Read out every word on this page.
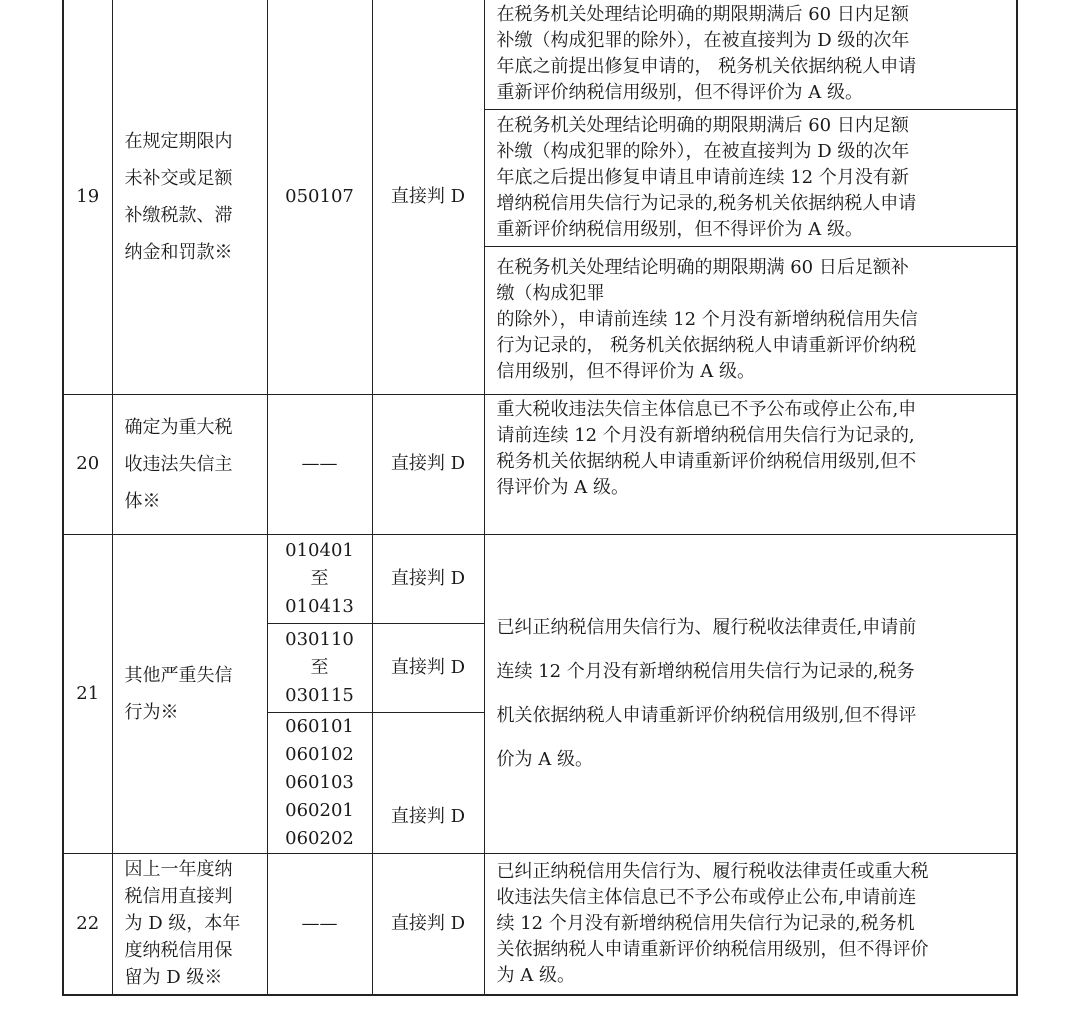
19	在规定期限内
未补交或足额
补缴税款、滞
纳金和罚款※	050107	直接判 D	在税务机关处理结论明确的期限期满后 60 日内足额
补缴（构成犯罪的除外），在被直接判为 D 级的次年
年底之前提出修复申请的， 税务机关依据纳税人申请
重新评价纳税信用级别，但不得评价为 A 级。

				在税务机关处理结论明确的期限期满后 60 日内足额
补缴（构成犯罪的除外），在被直接判为 D 级的次年
年底之后提出修复申请且申请前连续 12 个月没有新
增纳税信用失信行为记录的,税务机关依据纳税人申请
重新评价纳税信用级别，但不得评价为 A 级。

				在税务机关处理结论明确的期限期满 60 日后足额补
缴（构成犯罪
的除外），申请前连续 12 个月没有新增纳税信用失信
行为记录的， 税务机关依据纳税人申请重新评价纳税
信用级别，但不得评价为 A 级。

20	确定为重大税
收违法失信主
体※	——	直接判 D	重大税收违法失信主体信息已不予公布或停止公布,申
请前连续 12 个月没有新增纳税信用失信行为记录的,
税务机关依据纳税人申请重新评价纳税信用级别,但不
得评价为 A 级。

21	其他严重失信
行为※	010401
至
010413	直接判 D	已纠正纳税信用失信行为、履行税收法律责任,申请前
连续 12 个月没有新增纳税信用失信行为记录的,税务
机关依据纳税人申请重新评价纳税信用级别,但不得评
价为 A 级。

		030110
至
030115	直接判 D	

		060101
060102
060103
060201
060202	直接判 D	
22	因上一年度纳
税信用直接判
为 D 级，本年
度纳税信用保
留为 D 级※	——	直接判 D	已纠正纳税信用失信行为、履行税收法律责任或重大税
收违法失信主体信息已不予公布或停止公布,申请前连
续 12 个月没有新增纳税信用失信行为记录的,税务机
关依据纳税人申请重新评价纳税信用级别，但不得评价
为 A 级。
